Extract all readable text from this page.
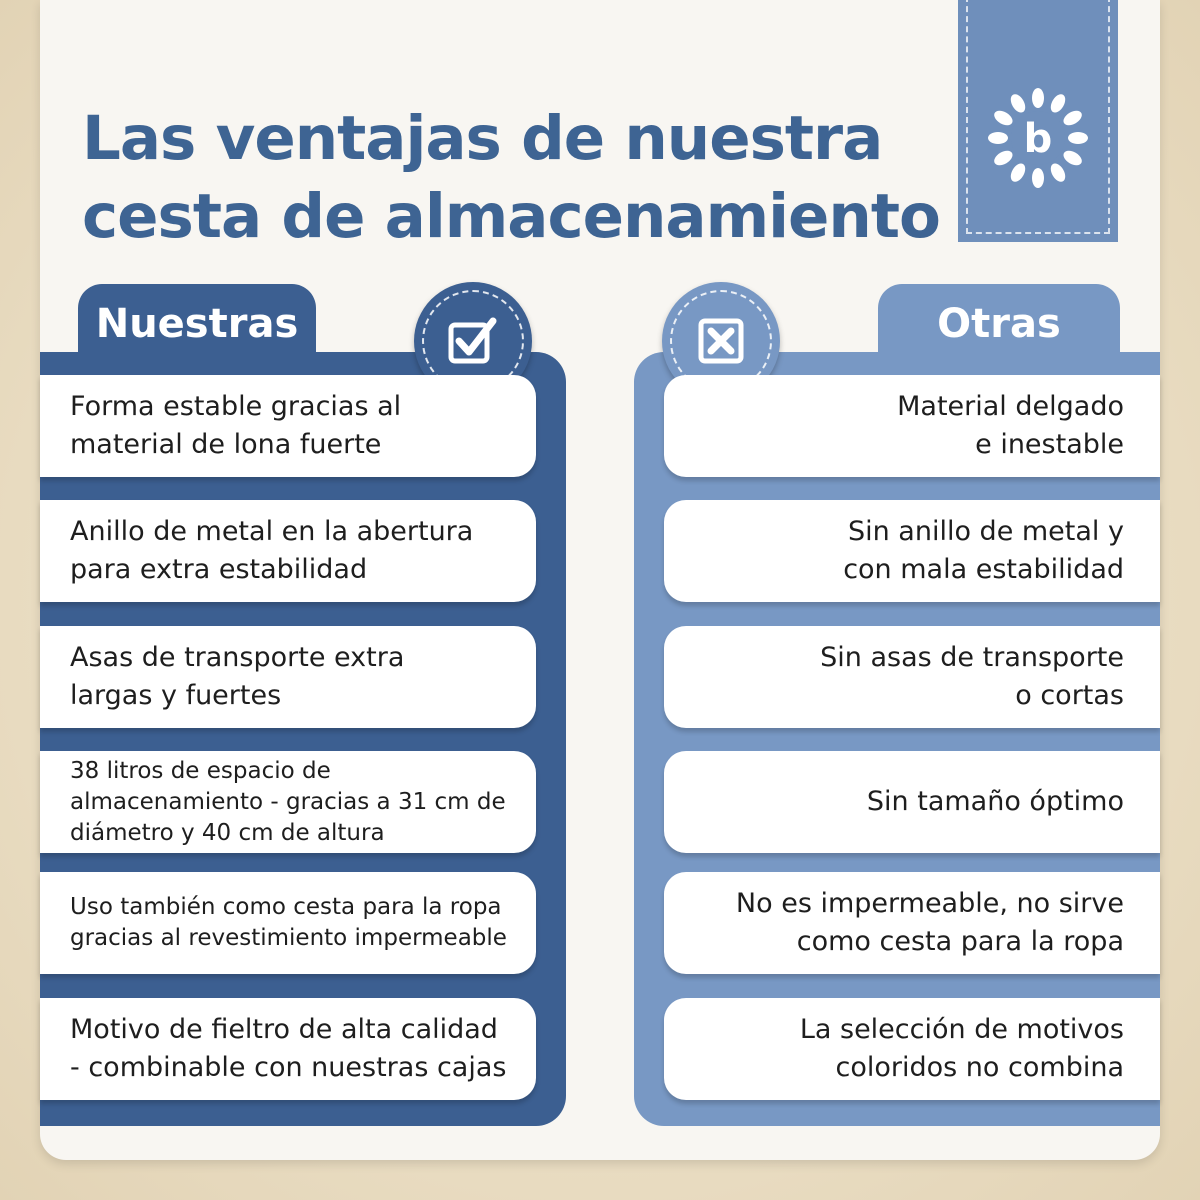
Las ventajas de nuestra
cesta de almacenamiento
b
Nuestras
Forma estable gracias al
material de lona fuerte
Anillo de metal en la abertura
para extra estabilidad
Asas de transporte extra
largas y fuertes
38 litros de espacio de
almacenamiento - gracias a 31 cm de
diámetro y 40 cm de altura
Uso también como cesta para la ropa
gracias al revestimiento impermeable
Motivo de fieltro de alta calidad
- combinable con nuestras cajas
Otras
Material delgado
e inestable
Sin anillo de metal y
con mala estabilidad
Sin asas de transporte
o cortas
Sin tamaño óptimo
No es impermeable, no sirve
como cesta para la ropa
La selección de motivos
coloridos no combina
